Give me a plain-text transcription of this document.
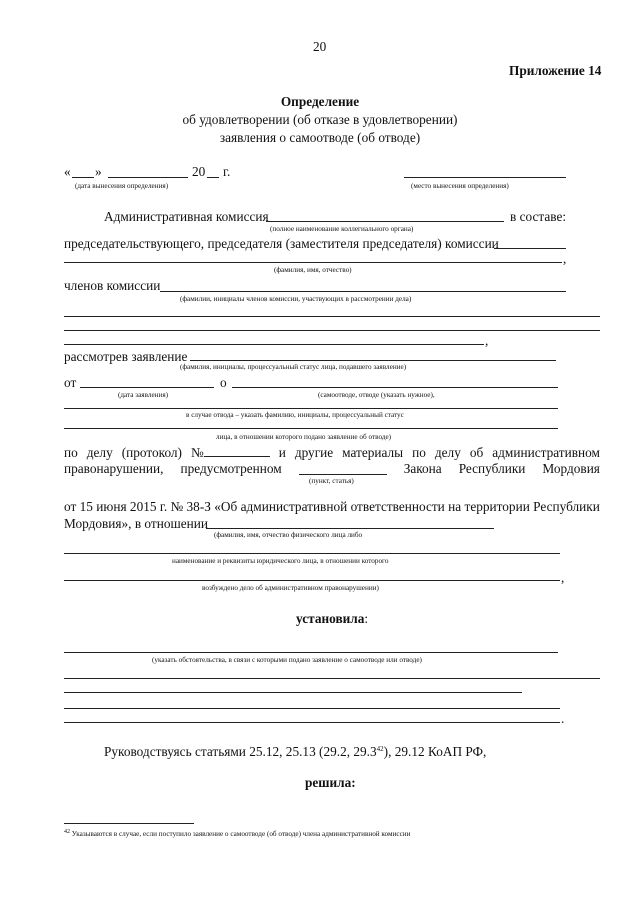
20
Приложение 14
Определение
об удовлетворении (об отказе в удовлетворении)
заявления о самоотводе (об отводе)
« »	20 г.
(дата вынесения определения)	(место вынесения определения)
Административная комиссия	в составе:
(полное наименование коллегиального органа)
председательствующего, председателя (заместителя председателя) комиссии
,
(фамилия, имя, отчество)
членов комиссии
(фамилии, инициалы членов комиссии, участвующих в рассмотрении дела)
,
рассмотрев заявление
(фамилия, инициалы, процессуальный статус лица, подавшего заявление)
от	о
(дата заявления)	(самоотводе, отводе (указать нужное),
в случае отвода – указать фамилию, инициалы, процессуальный статус
лица, в отношении которого подано заявление об отводе)
по делу (протокол) №	и другие материалы по делу об административном
правонарушении, предусмотренном	Закона Республики Мордовия
(пункт, статья)
от 15 июня 2015 г. № 38-З «Об административной ответственности на территории Республики
Мордовия», в отношении
(фамилия, имя, отчество физического лица либо
наименование и реквизиты юридического лица, в отношении которого
,
возбуждено дело об административном правонарушении)
установила:
(указать обстоятельства, в связи с которыми подано заявление о самоотводе или отводе)
.
Руководствуясь статьями 25.12, 25.13 (29.2, 29.3$^{42}$), 29.12 КоАП РФ,
решила:
$^{42}$ Указываются в случае, если поступило заявление о самоотводе (об отводе) члена административной комиссии
